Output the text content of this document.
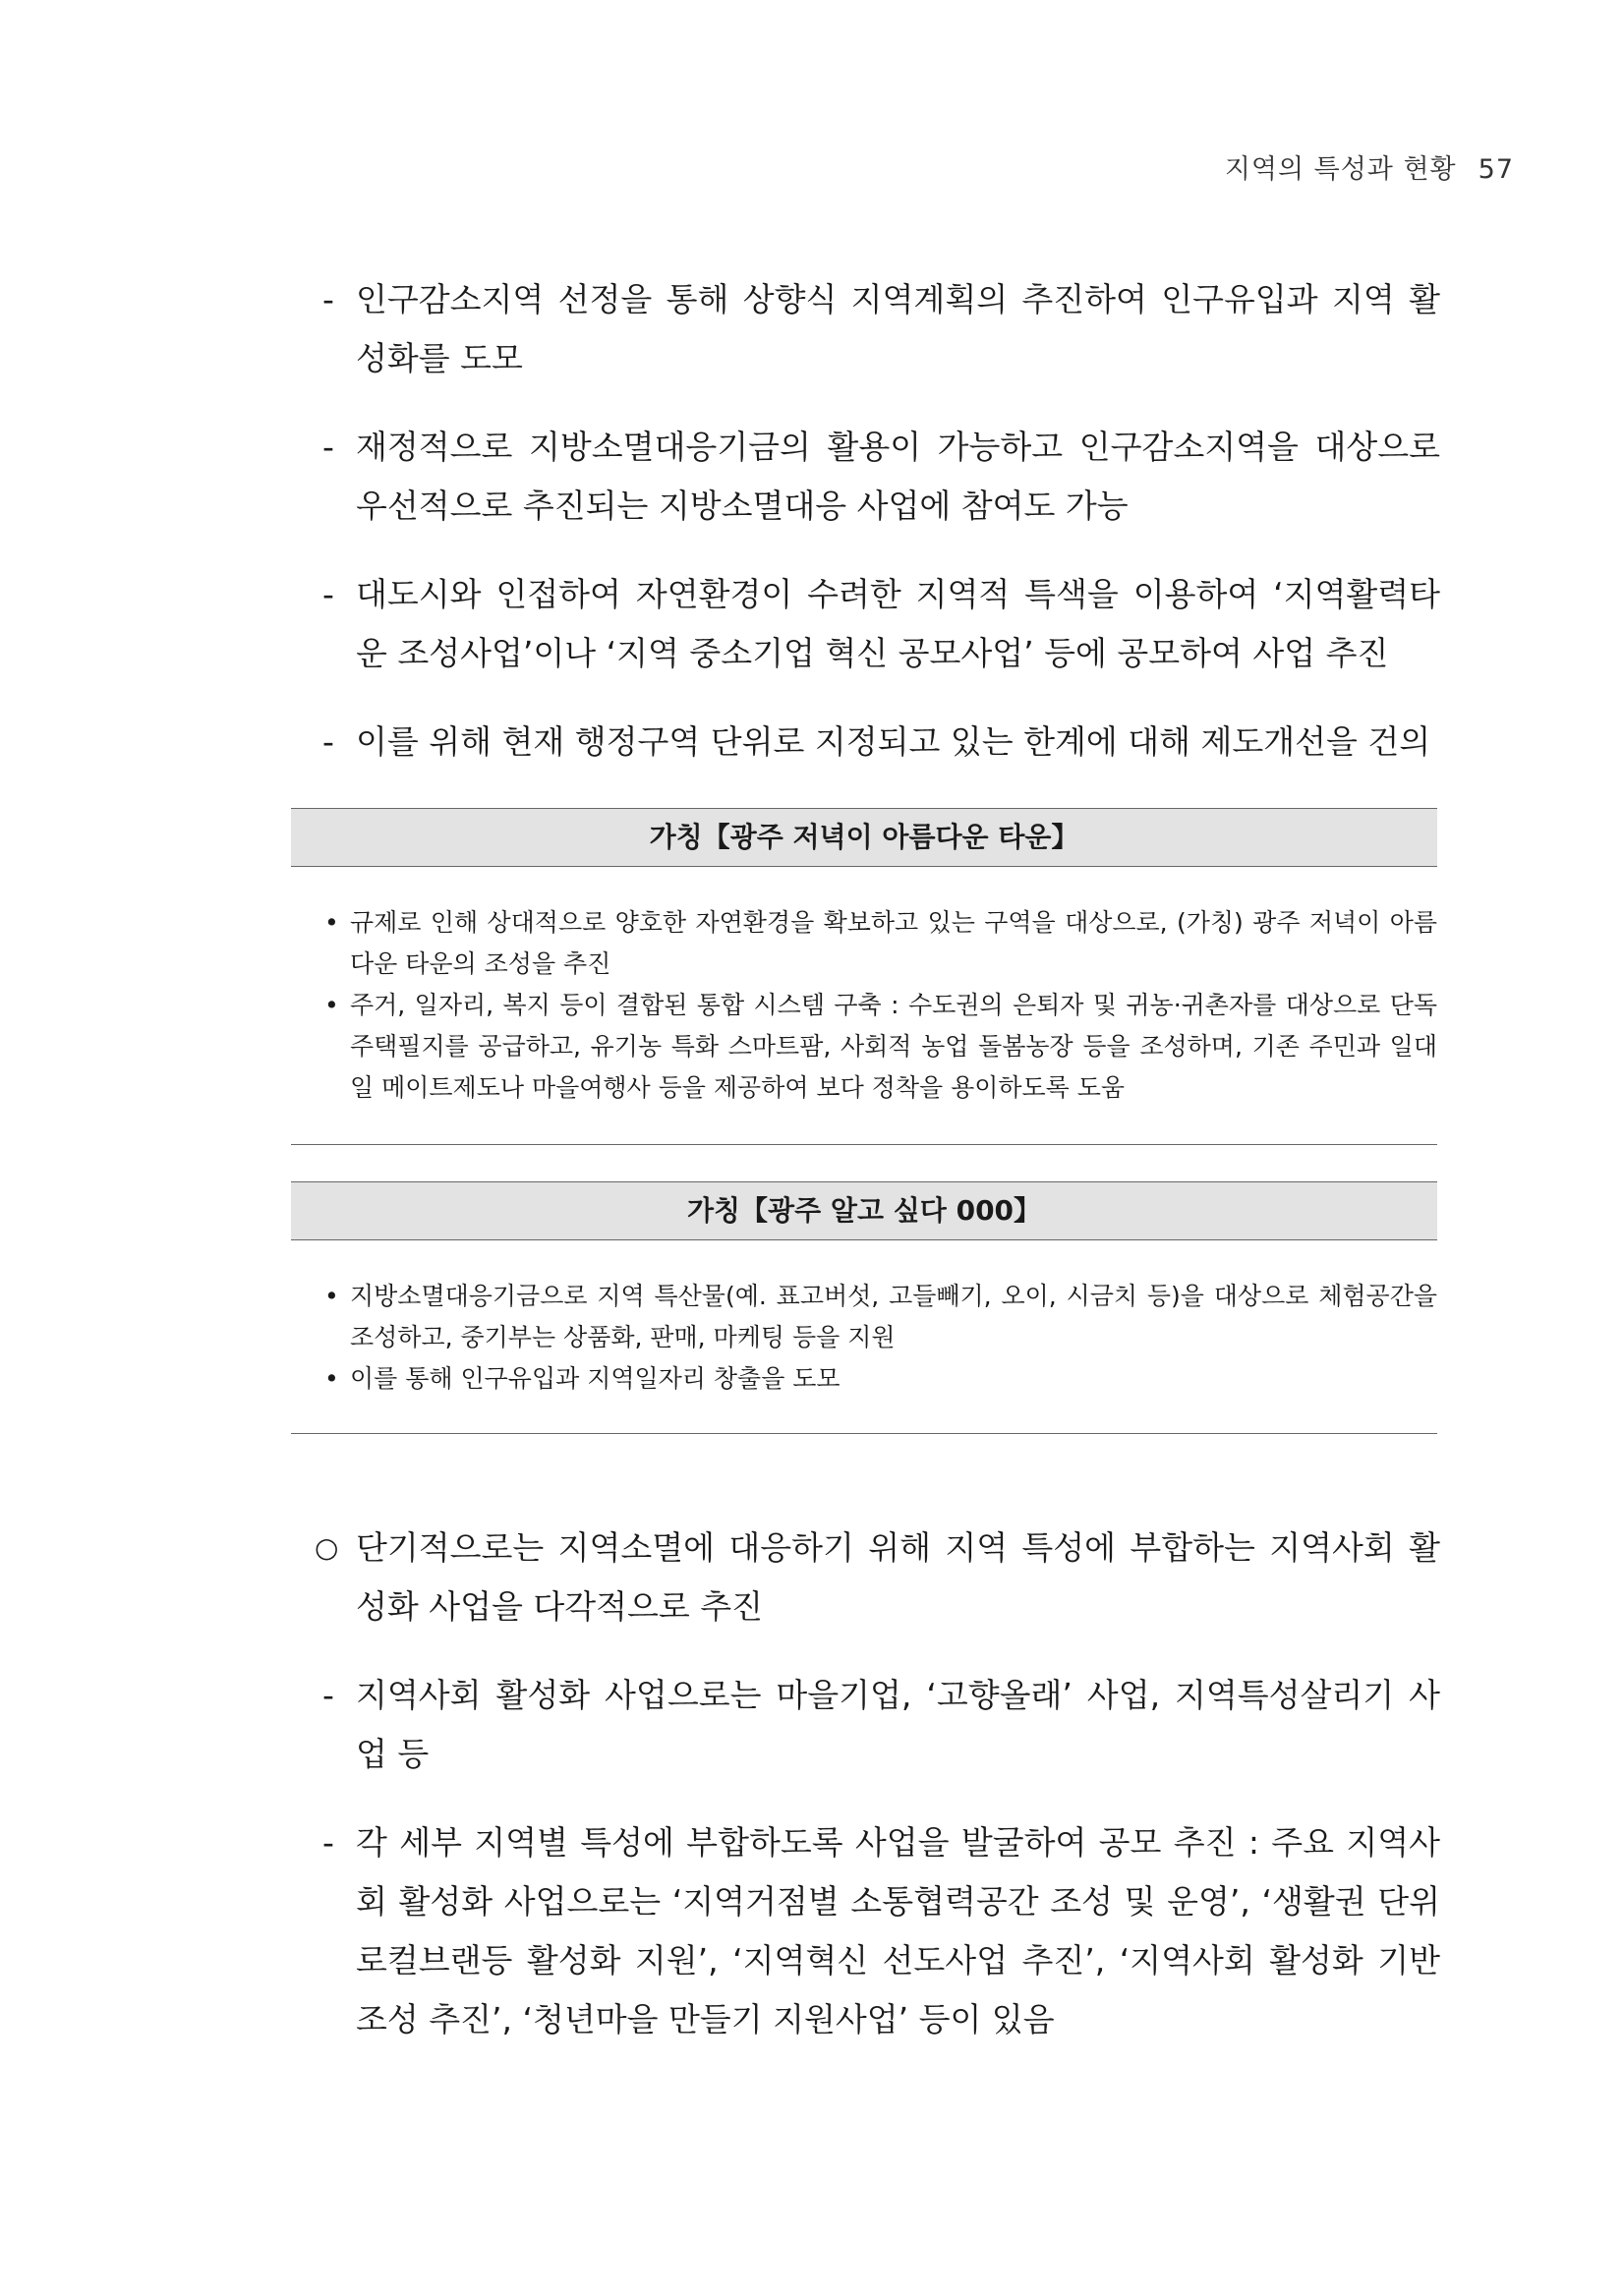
지역의 특성과 현황 57
- 인구감소지역 선정을 통해 상향식 지역계획의 추진하여 인구유입과 지역 활성화를 도모
- 재정적으로 지방소멸대응기금의 활용이 가능하고 인구감소지역을 대상으로 우선적으로 추진되는 지방소멸대응 사업에 참여도 가능
- 대도시와 인접하여 자연환경이 수려한 지역적 특색을 이용하여 ‘지역활력타운 조성사업’이나 ‘지역 중소기업 혁신 공모사업’ 등에 공모하여 사업 추진
- 이를 위해 현재 행정구역 단위로 지정되고 있는 한계에 대해 제도개선을 건의
가칭【광주 저녁이 아름다운 타운】
• 규제로 인해 상대적으로 양호한 자연환경을 확보하고 있는 구역을 대상으로, (가칭) 광주 저녁이 아름다운 타운의 조성을 추진
• 주거, 일자리, 복지 등이 결합된 통합 시스템 구축 : 수도권의 은퇴자 및 귀농·귀촌자를 대상으로 단독주택필지를 공급하고, 유기농 특화 스마트팜, 사회적 농업 돌봄농장 등을 조성하며, 기존 주민과 일대일 메이트제도나 마을여행사 등을 제공하여 보다 정착을 용이하도록 도움
가칭【광주 알고 싶다 000】
• 지방소멸대응기금으로 지역 특산물(예. 표고버섯, 고들빼기, 오이, 시금치 등)을 대상으로 체험공간을 조성하고, 중기부는 상품화, 판매, 마케팅 등을 지원
• 이를 통해 인구유입과 지역일자리 창출을 도모
○ 단기적으로는 지역소멸에 대응하기 위해 지역 특성에 부합하는 지역사회 활성화 사업을 다각적으로 추진
- 지역사회 활성화 사업으로는 마을기업, ‘고향올래’ 사업, 지역특성살리기 사업 등
- 각 세부 지역별 특성에 부합하도록 사업을 발굴하여 공모 추진 : 주요 지역사회 활성화 사업으로는 ‘지역거점별 소통협력공간 조성 및 운영’, ‘생활권 단위 로컬브랜등 활성화 지원’, ‘지역혁신 선도사업 추진’, ‘지역사회 활성화 기반 조성 추진’, ‘청년마을 만들기 지원사업’ 등이 있음
